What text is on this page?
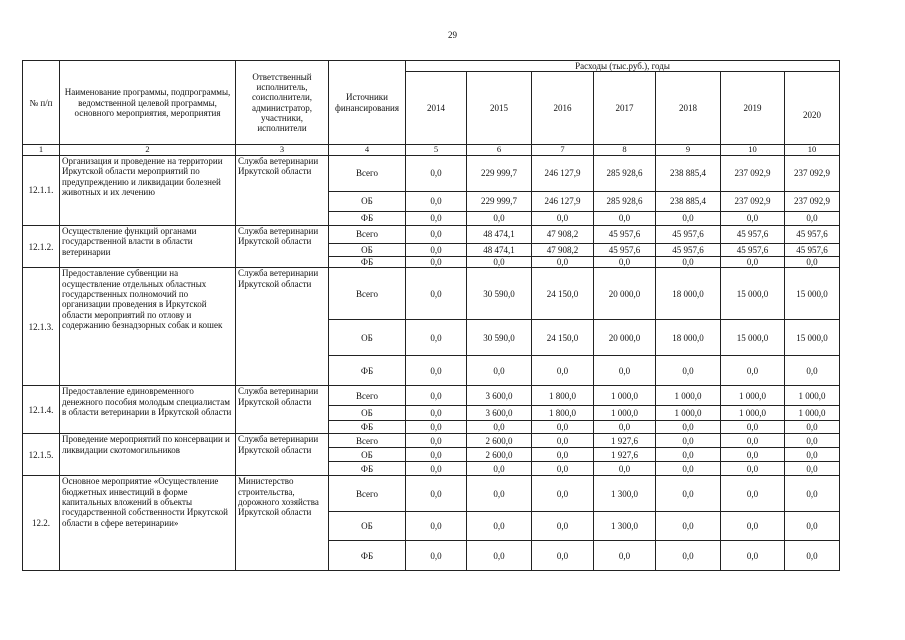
29
№ п/п	Наименование программы, подпрограммы, ведомственной целевой программы, основного мероприятия, мероприятия	Ответственный исполнитель, соисполнители, администратор, участники, исполнители	Источники финансирования	Расходы (тыс.руб.), годы						
				2014	2015	2016	2017	2018	2019	2020
1	2	3	4	5	6	7	8	9	10	10
12.1.1.	Организация и проведение на территории Иркутской области мероприятий по предупреждению и ликвидации болезней животных и их лечению	Служба ветеринарии Иркутской области	Всего	0,0	229 999,7	246 127,9	285 928,6	238 885,4	237 092,9	237 092,9
			ОБ	0,0	229 999,7	246 127,9	285 928,6	238 885,4	237 092,9	237 092,9
			ФБ	0,0	0,0	0,0	0,0	0,0	0,0	0,0
12.1.2.	Осуществление функций органами государственной власти в области ветеринарии	Служба ветеринарии Иркутской области	Всего	0,0	48 474,1	47 908,2	45 957,6	45 957,6	45 957,6	45 957,6
			ОБ	0,0	48 474,1	47 908,2	45 957,6	45 957,6	45 957,6	45 957,6
			ФБ	0,0	0,0	0,0	0,0	0,0	0,0	0,0
12.1.3.	Предоставление субвенции на осуществление отдельных областных государственных полномочий по организации проведения в Иркутской области мероприятий по отлову и содержанию безнадзорных собак и кошек	Служба ветеринарии Иркутской области	Всего	0,0	30 590,0	24 150,0	20 000,0	18 000,0	15 000,0	15 000,0
			ОБ	0,0	30 590,0	24 150,0	20 000,0	18 000,0	15 000,0	15 000,0
			ФБ	0,0	0,0	0,0	0,0	0,0	0,0	0,0
12.1.4.	Предоставление единовременного денежного пособия молодым специалистам в области ветеринарии в Иркутской области	Служба ветеринарии Иркутской области	Всего	0,0	3 600,0	1 800,0	1 000,0	1 000,0	1 000,0	1 000,0
			ОБ	0,0	3 600,0	1 800,0	1 000,0	1 000,0	1 000,0	1 000,0
			ФБ	0,0	0,0	0,0	0,0	0,0	0,0	0,0
12.1.5.	Проведение мероприятий по консервации и ликвидации скотомогильников	Служба ветеринарии Иркутской области	Всего	0,0	2 600,0	0,0	1 927,6	0,0	0,0	0,0
			ОБ	0,0	2 600,0	0,0	1 927,6	0,0	0,0	0,0
			ФБ	0,0	0,0	0,0	0,0	0,0	0,0	0,0
12.2.	Основное мероприятие «Осуществление бюджетных инвестиций в форме капитальных вложений в объекты государственной собственности Иркутской области в сфере ветеринарии»	Министерство строительства, дорожного хозяйства Иркутской области	Всего	0,0	0,0	0,0	1 300,0	0,0	0,0	0,0
			ОБ	0,0	0,0	0,0	1 300,0	0,0	0,0	0,0
			ФБ	0,0	0,0	0,0	0,0	0,0	0,0	0,0
